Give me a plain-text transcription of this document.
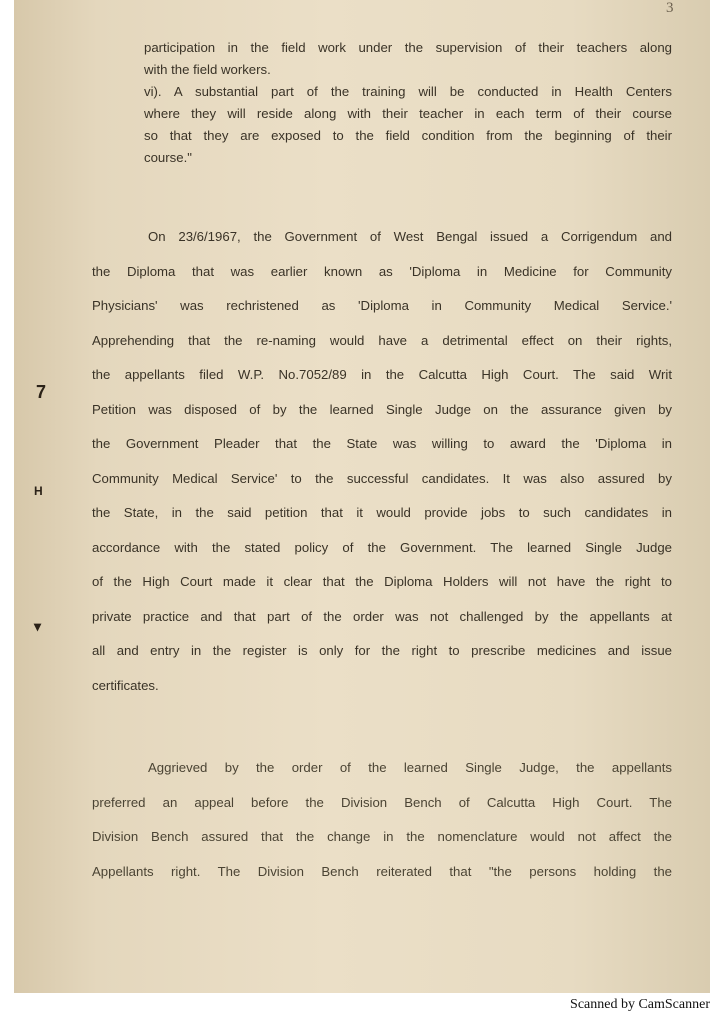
3
participation in the field work under the supervision of their teachers along
with the field workers.
vi). A substantial part of the training will be conducted in Health Centers
where they will reside along with their teacher in each term of their course
so that they are exposed to the field condition from the beginning of their
course."
On 23/6/1967, the Government of West Bengal issued a Corrigendum and
the Diploma that was earlier known as 'Diploma in Medicine for Community
Physicians' was rechristened as 'Diploma in Community Medical Service.'
Apprehending that the re-naming would have a detrimental effect on their rights,
the appellants filed W.P. No.7052/89 in the Calcutta High Court. The said Writ
Petition was disposed of by the learned Single Judge on the assurance given by
the Government Pleader that the State was willing to award the 'Diploma in
Community Medical Service' to the successful candidates. It was also assured by
the State, in the said petition that it would provide jobs to such candidates in
accordance with the stated policy of the Government. The learned Single Judge
of the High Court made it clear that the Diploma Holders will not have the right to
private practice and that part of the order was not challenged by the appellants at
all and entry in the register is only for the right to prescribe medicines and issue
certificates.
Aggrieved by the order of the learned Single Judge, the appellants
preferred an appeal before the Division Bench of Calcutta High Court. The
Division Bench assured that the change in the nomenclature would not affect the
Appellants right. The Division Bench reiterated that "the persons holding the
7
H
▾
Scanned by CamScanner
